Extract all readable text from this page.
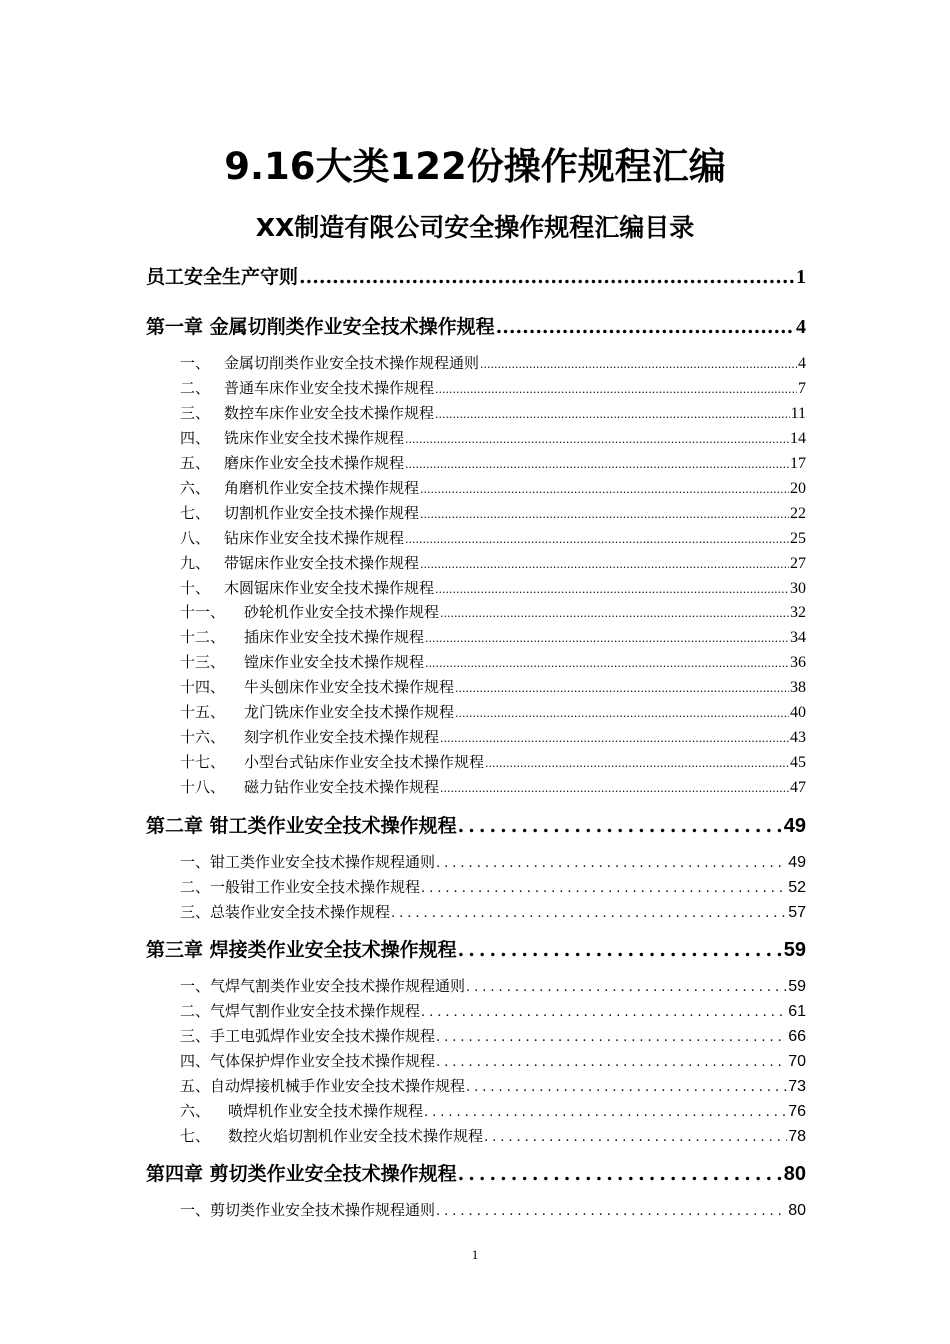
9.16大类122份操作规程汇编
XX制造有限公司安全操作规程汇编目录
员工安全生产守则 .....	1
第一章 金属切削类作业安全技术操作规程 .....	4
一、 金属切削类作业安全技术操作规程通则 .....	4
二、 普通车床作业安全技术操作规程 .....	7
三、 数控车床作业安全技术操作规程 .....	11
四、 铣床作业安全技术操作规程 .....	14
五、 磨床作业安全技术操作规程 .....	17
六、 角磨机作业安全技术操作规程 .....	20
七、 切割机作业安全技术操作规程 .....	22
八、 钻床作业安全技术操作规程 .....	25
九、 带锯床作业安全技术操作规程 .....	27
十、 木圆锯床作业安全技术操作规程 .....	30
十一、 砂轮机作业安全技术操作规程 .....	32
十二、 插床作业安全技术操作规程 .....	34
十三、 镗床作业安全技术操作规程 .....	36
十四、 牛头刨床作业安全技术操作规程 .....	38
十五、 龙门铣床作业安全技术操作规程 .....	40
十六、 刻字机作业安全技术操作规程 .....	43
十七、 小型台式钻床作业安全技术操作规程 .....	45
十八、 磁力钻作业安全技术操作规程 .....	47
第二章 钳工类作业安全技术操作规程 .....	49
一、钳工类作业安全技术操作规程通则 .....	49
二、一般钳工作业安全技术操作规程 .....	52
三、总装作业安全技术操作规程 .....	57
第三章 焊接类作业安全技术操作规程 .....	59
一、气焊气割类作业安全技术操作规程通则 .....	59
二、气焊气割作业安全技术操作规程 .....	61
三、手工电弧焊作业安全技术操作规程 .....	66
四、气体保护焊作业安全技术操作规程 .....	70
五、自动焊接机械手作业安全技术操作规程 .....	73
六、 喷焊机作业安全技术操作规程 .....	76
七、 数控火焰切割机作业安全技术操作规程 .....	78
第四章 剪切类作业安全技术操作规程 .....	80
一、剪切类作业安全技术操作规程通则 .....	80
1
